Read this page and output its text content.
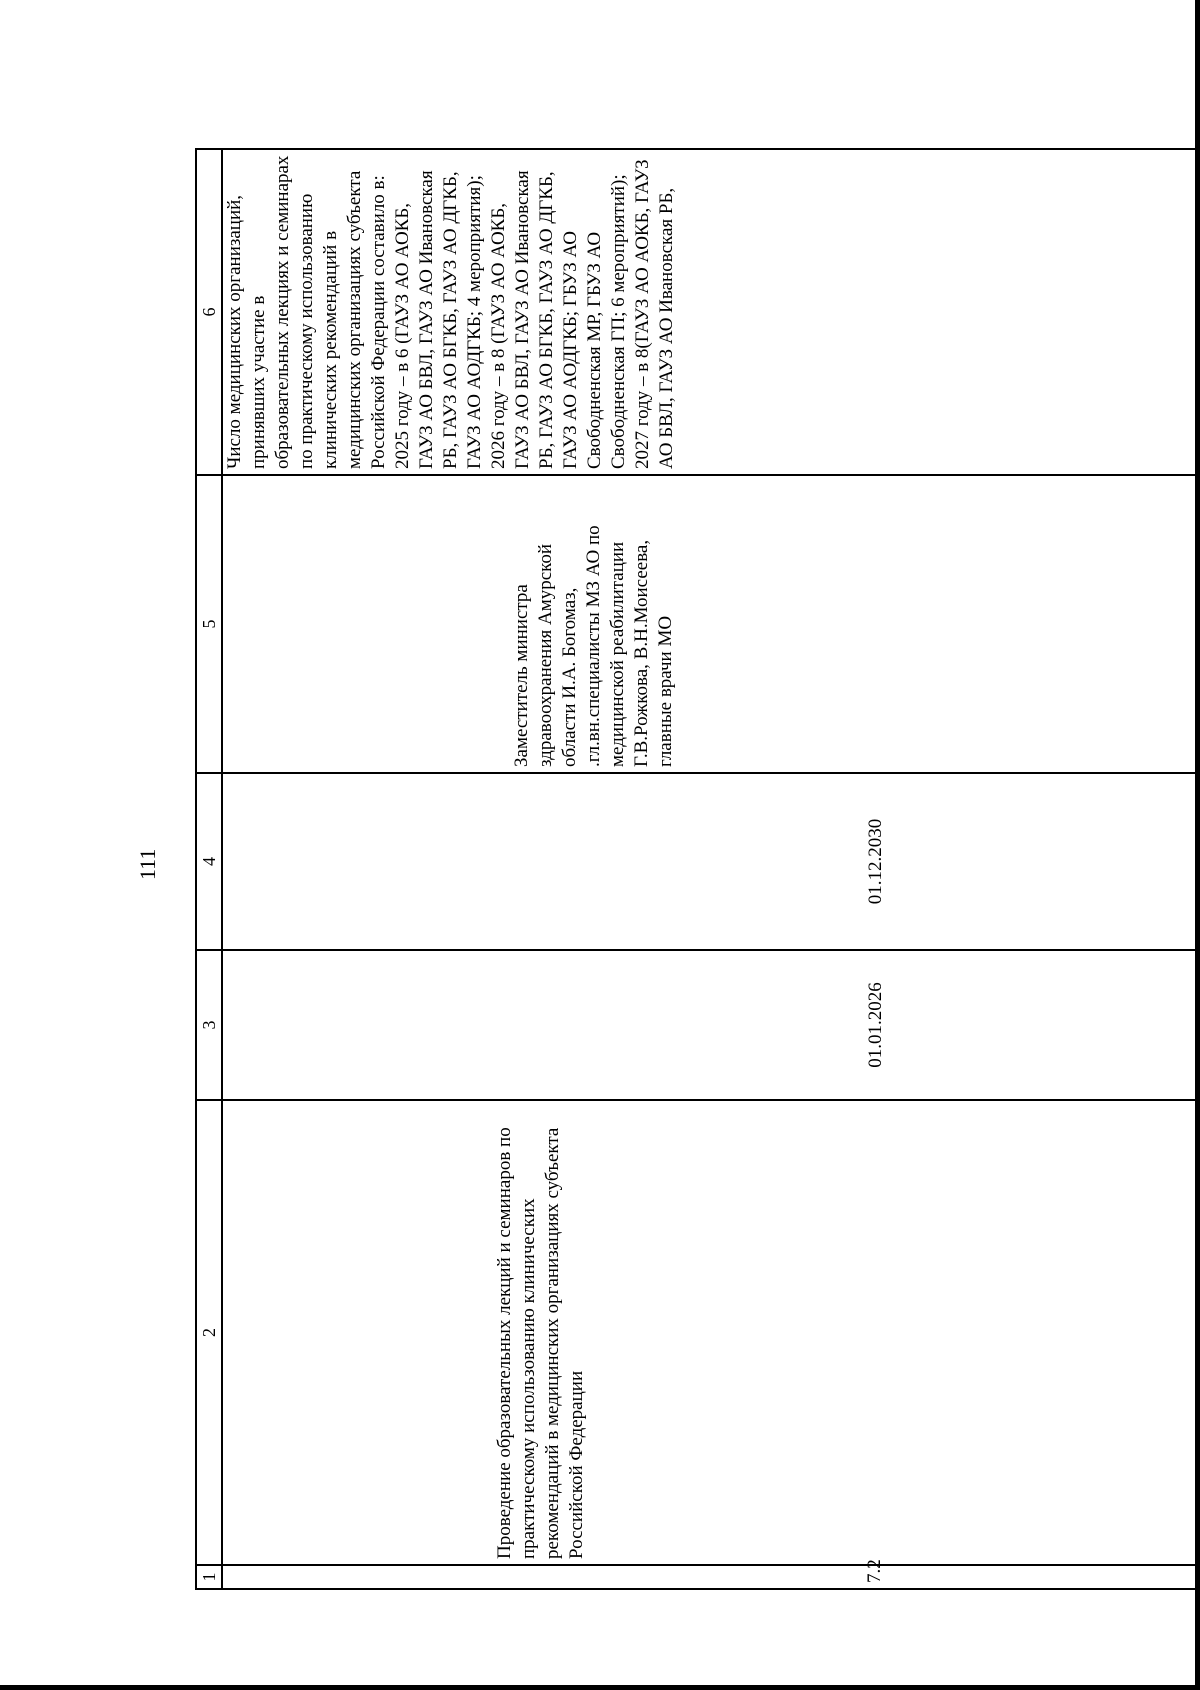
111
1	2	3	4	5	6
7.2	Проведение образовательных лекций и семинаров по практическому использованию клинических рекомендаций в медицинских организациях субъекта Российской Федерации	01.01.2026	01.12.2030	Заместитель министра здравоохранения Амурской области И.А. Богомаз, .гл.вн.специалисты МЗ АО по медицинской реабилитации Г.В.Рожкова, В.Н.Моисеева, главные врачи МО	Число медицинских организаций, принявших участие в образовательных лекциях и семинарах по практическому использованию клинических рекомендаций в медицинских организациях субъекта Российской Федерации составило в: 2025 году – в 6 (ГАУЗ АО АОКБ, ГАУЗ АО БВЛ, ГАУЗ АО Ивановская РБ, ГАУЗ АО БГКБ, ГАУЗ АО ДГКБ, ГАУЗ АО АОДГКБ; 4 мероприятия); 2026 году – в 8 (ГАУЗ АО АОКБ, ГАУЗ АО БВЛ, ГАУЗ АО Ивановская РБ, ГАУЗ АО БГКБ, ГАУЗ АО ДГКБ, ГАУЗ АО АОДГКБ; ГБУЗ АО Свободненская МР, ГБУЗ АО Свободненская ГП; 6 мероприятий); 2027 году – в 8(ГАУЗ АО АОКБ, ГАУЗ АО БВЛ, ГАУЗ АО Ивановская РБ,
